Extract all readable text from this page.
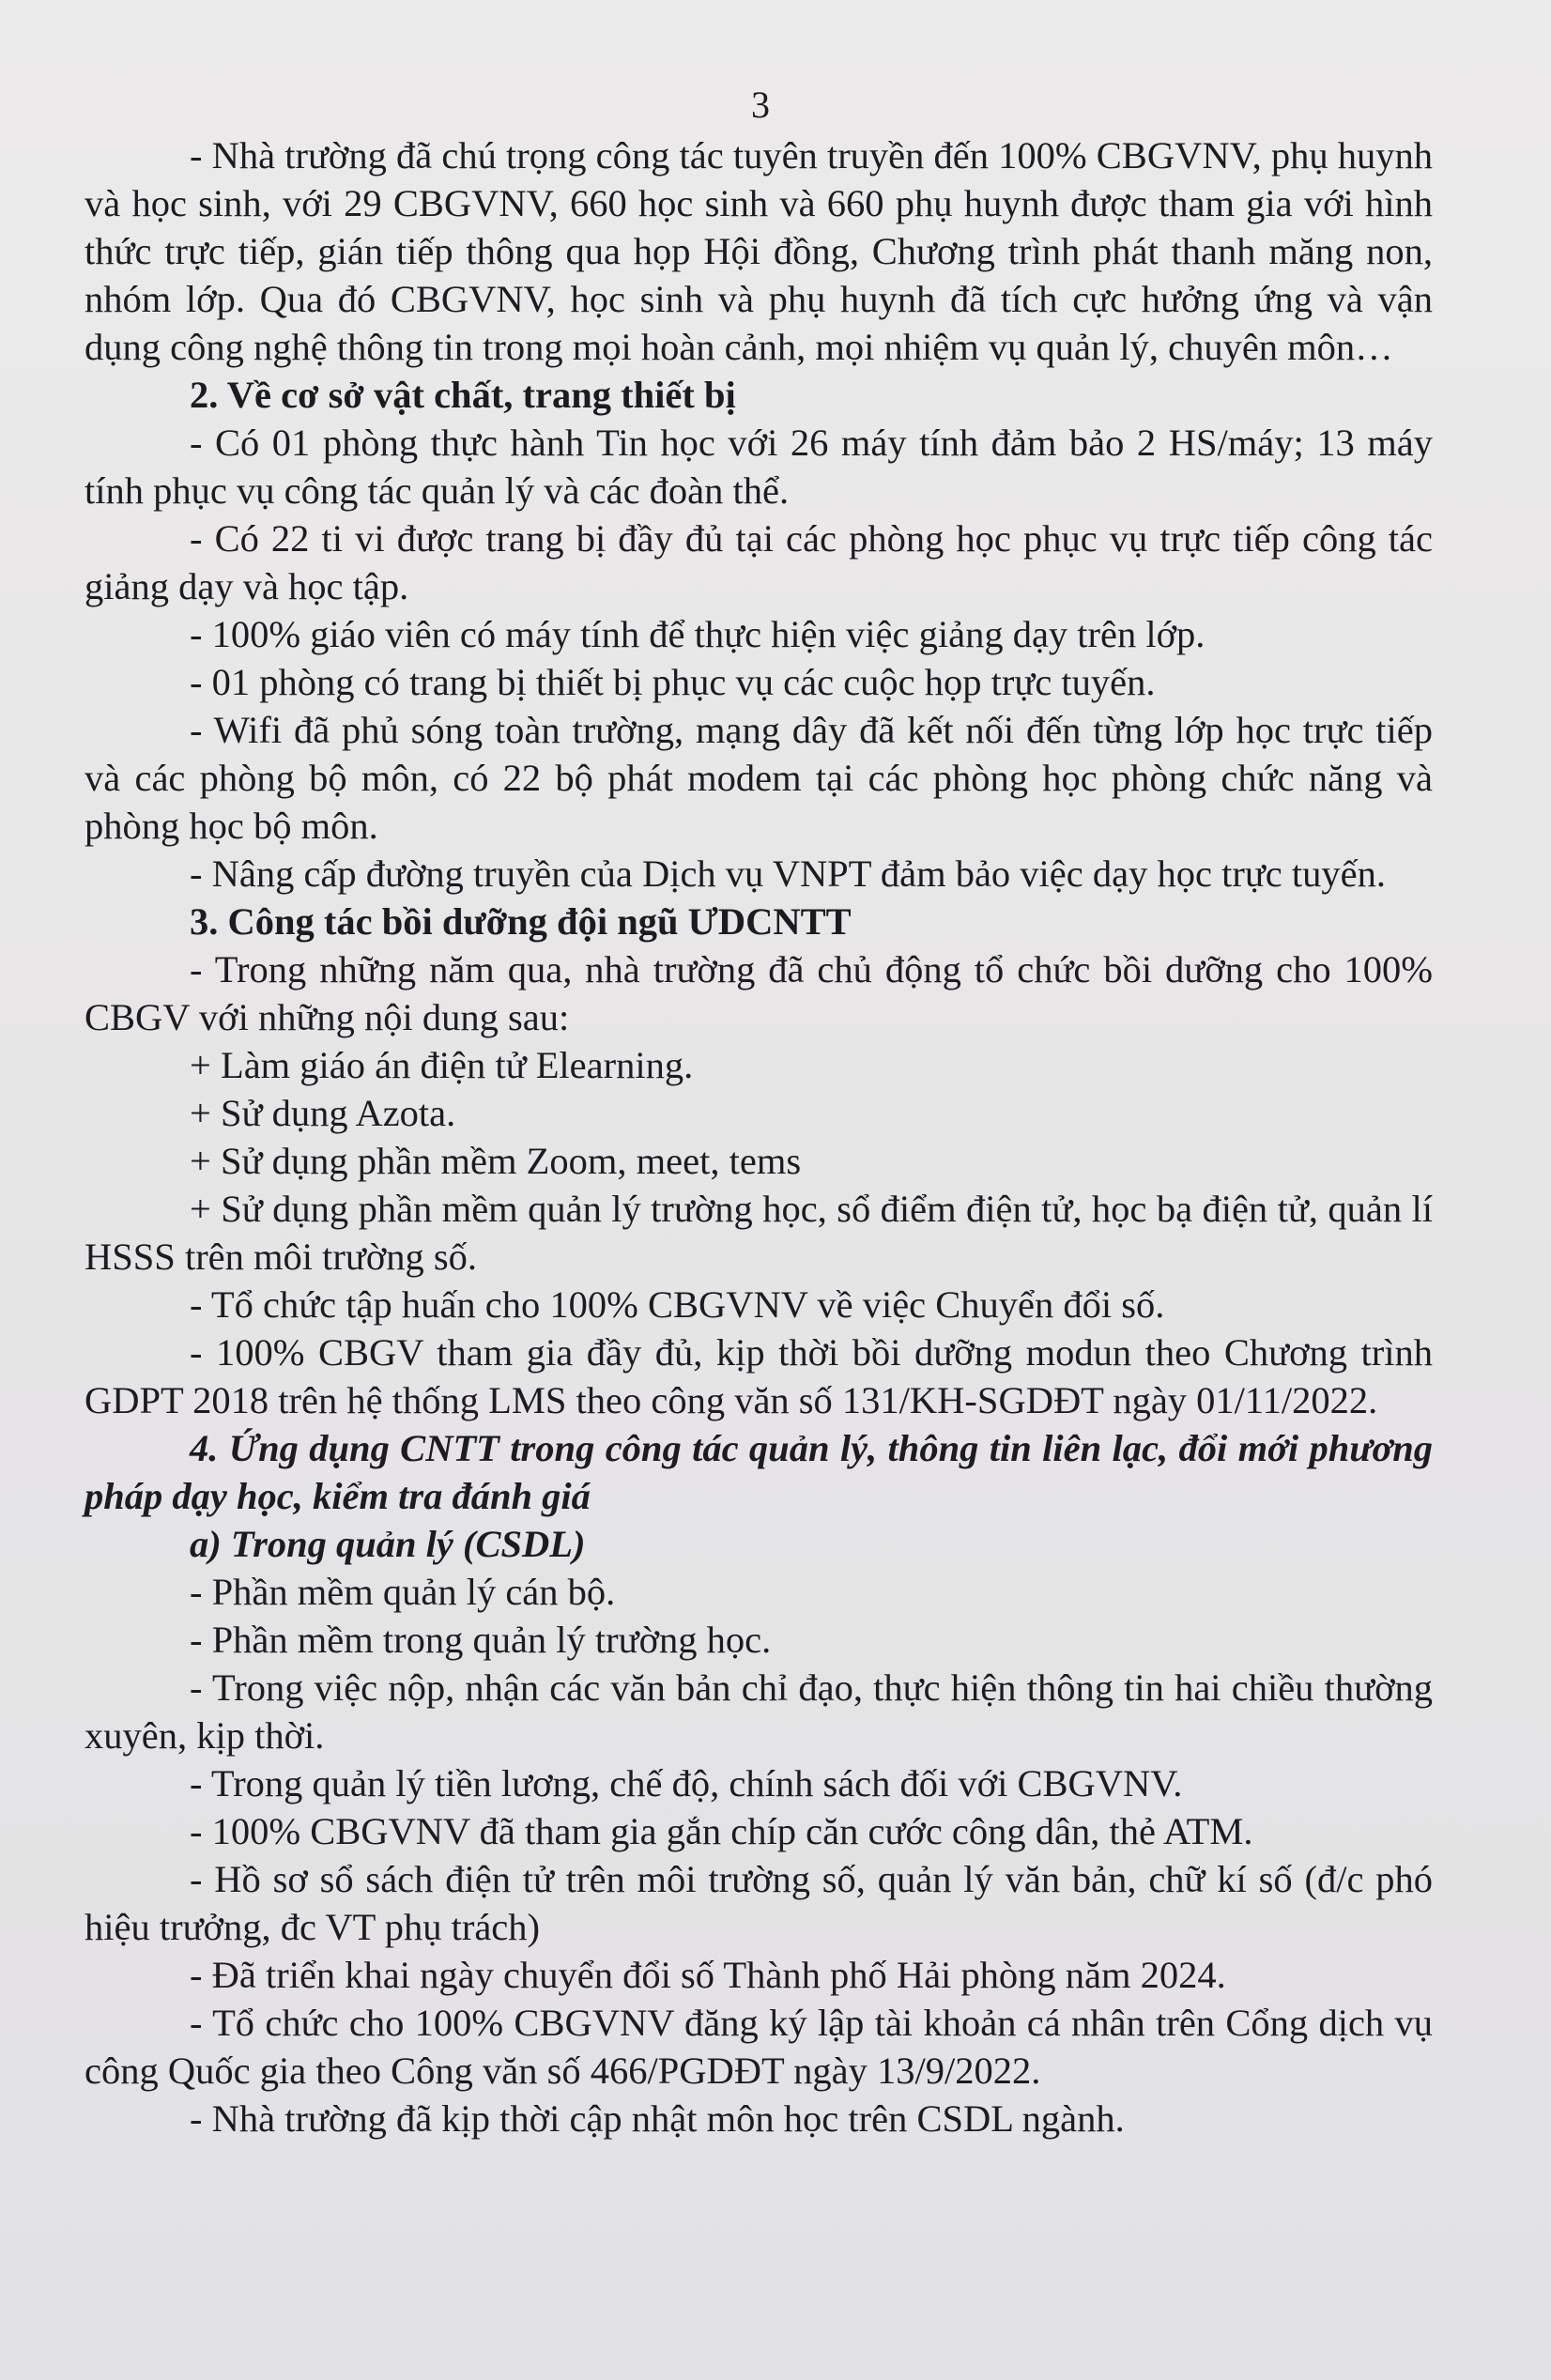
3

- Nhà trường đã chú trọng công tác tuyên truyền đến 100% CBGVNV, phụ huynh và học sinh, với 29 CBGVNV, 660 học sinh và 660 phụ huynh được tham gia với hình thức trực tiếp, gián tiếp thông qua họp Hội đồng, Chương trình phát thanh măng non, nhóm lớp. Qua đó CBGVNV, học sinh và phụ huynh đã tích cực hưởng ứng và vận dụng công nghệ thông tin trong mọi hoàn cảnh, mọi nhiệm vụ quản lý, chuyên môn…

2. Về cơ sở vật chất, trang thiết bị

- Có 01 phòng thực hành Tin học với 26 máy tính đảm bảo 2 HS/máy; 13 máy tính phục vụ công tác quản lý và các đoàn thể.

- Có 22 ti vi được trang bị đầy đủ tại các phòng học phục vụ trực tiếp công tác giảng dạy và học tập.

- 100% giáo viên có máy tính để thực hiện việc giảng dạy trên lớp.

- 01 phòng có trang bị thiết bị phục vụ các cuộc họp trực tuyến.

- Wifi đã phủ sóng toàn trường, mạng dây đã kết nối đến từng lớp học trực tiếp và các phòng bộ môn, có 22 bộ phát modem tại các phòng học phòng chức năng và phòng học bộ môn.

- Nâng cấp đường truyền của Dịch vụ VNPT đảm bảo việc dạy học trực tuyến.

3. Công tác bồi dưỡng đội ngũ ƯDCNTT

- Trong những năm qua, nhà trường đã chủ động tổ chức bồi dưỡng cho 100% CBGV với những nội dung sau:

+ Làm giáo án điện tử Elearning.

+ Sử dụng Azota.

+ Sử dụng phần mềm Zoom, meet, tems

+ Sử dụng phần mềm quản lý trường học, sổ điểm điện tử, học bạ điện tử, quản lí HSSS trên môi trường số.

- Tổ chức tập huấn cho 100% CBGVNV về việc Chuyển đổi số.

- 100% CBGV tham gia đầy đủ, kịp thời bồi dưỡng modun theo Chương trình GDPT 2018 trên hệ thống LMS theo công văn số 131/KH-SGDĐT ngày 01/11/2022.

4. Ứng dụng CNTT trong công tác quản lý, thông tin liên lạc, đổi mới phương pháp dạy học, kiểm tra đánh giá

a) Trong quản lý (CSDL)

- Phần mềm quản lý cán bộ.

- Phần mềm trong quản lý trường học.

- Trong việc nộp, nhận các văn bản chỉ đạo, thực hiện thông tin hai chiều thường xuyên, kịp thời.

- Trong quản lý tiền lương, chế độ, chính sách đối với CBGVNV.

- 100% CBGVNV đã tham gia gắn chíp căn cước công dân, thẻ ATM.

- Hồ sơ sổ sách điện tử trên môi trường số, quản lý văn bản, chữ kí số (đ/c phó hiệu trưởng, đc VT phụ trách)

- Đã triển khai ngày chuyển đổi số Thành phố Hải phòng năm 2024.

- Tổ chức cho 100% CBGVNV đăng ký lập tài khoản cá nhân trên Cổng dịch vụ công Quốc gia theo Công văn số 466/PGDĐT ngày 13/9/2022.

- Nhà trường đã kịp thời cập nhật môn học trên CSDL ngành.
